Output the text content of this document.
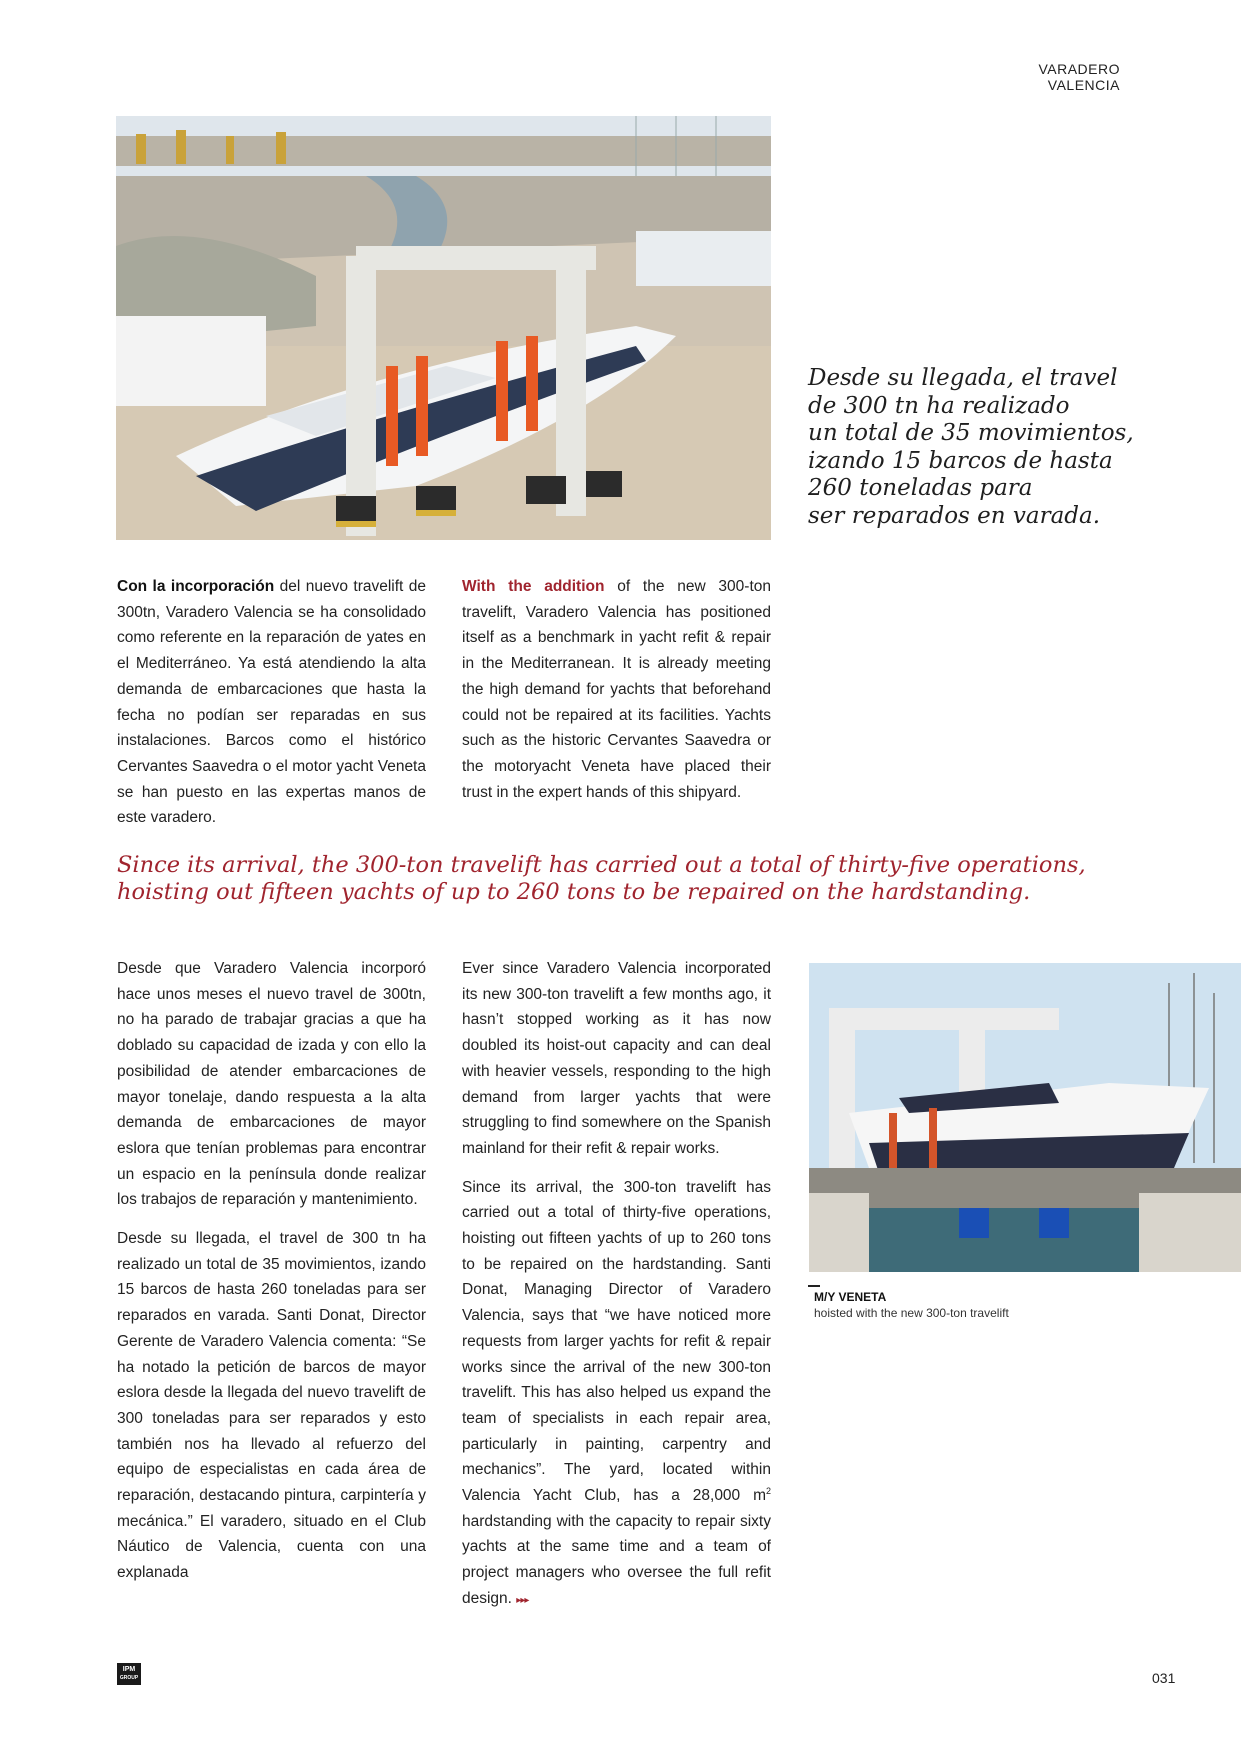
VARADERO VALENCIA
Desde su llegada, el travel
de 300 tn ha realizado
un total de 35 movimientos,
izando 15 barcos de hasta
260 toneladas para
ser reparados en varada.

Con la incorporación del nuevo travelift de 300tn, Varadero Valencia se ha consolidado como referente en la reparación de yates en el Mediterráneo. Ya está atendiendo la alta demanda de embarcaciones que hasta la fecha no podían ser reparadas en sus instalaciones. Barcos como el histórico Cervantes Saavedra o el motor yacht Veneta se han puesto en las expertas manos de este varadero.

With the addition of the new 300-ton travelift, Varadero Valencia has positioned itself as a benchmark in yacht refit & repair in the Mediterranean. It is already meeting the high demand for yachts that beforehand could not be repaired at its facilities. Yachts such as the historic Cervantes Saavedra or the motoryacht Veneta have placed their trust in the expert hands of this shipyard.

Since its arrival, the 300-ton travelift has carried out a total of thirty-five operations,
hoisting out fifteen yachts of up to 260 tons to be repaired on the hardstanding.

Desde que Varadero Valencia incorporó hace unos meses el nuevo travel de 300tn, no ha parado de trabajar gracias a que ha doblado su capacidad de izada y con ello la posibilidad de atender embarcaciones de mayor tonelaje, dando respuesta a la alta demanda de embarcaciones de mayor eslora que tenían problemas para encontrar un espacio en la península donde realizar los trabajos de reparación y mantenimiento.

Desde su llegada, el travel de 300 tn ha realizado un total de 35 movimientos, izando 15 barcos de hasta 260 toneladas para ser reparados en varada. Santi Donat, Director Gerente de Varadero Valencia comenta: “Se ha notado la petición de barcos de mayor eslora desde la llegada del nuevo travelift de 300 toneladas para ser reparados y esto también nos ha llevado al refuerzo del equipo de especialistas en cada área de reparación, destacando pintura, carpintería y mecánica.” El varadero, situado en el Club Náutico de Valencia, cuenta con una explanada

Ever since Varadero Valencia incorporated its new 300-ton travelift a few months ago, it hasn’t stopped working as it has now doubled its hoist-out capacity and can deal with heavier vessels, responding to the high demand from larger yachts that were struggling to find somewhere on the Spanish mainland for their refit & repair works.

Since its arrival, the 300-ton travelift has carried out a total of thirty-five operations, hoisting out fifteen yachts of up to 260 tons to be repaired on the hardstanding. Santi Donat, Managing Director of Varadero Valencia, says that “we have noticed more requests from larger yachts for refit & repair works since the arrival of the new 300-ton travelift. This has also helped us expand the team of specialists in each repair area, particularly in painting, carpentry and mechanics”. The yard, located within Valencia Yacht Club, has a 28,000 $m^2$ hardstanding with the capacity to repair sixty yachts at the same time and a team of project managers who oversee the full refit design. ▸▸▸

M/Y VENETA
hoisted with the new 300-ton travelift
IPM
GROUP	031
